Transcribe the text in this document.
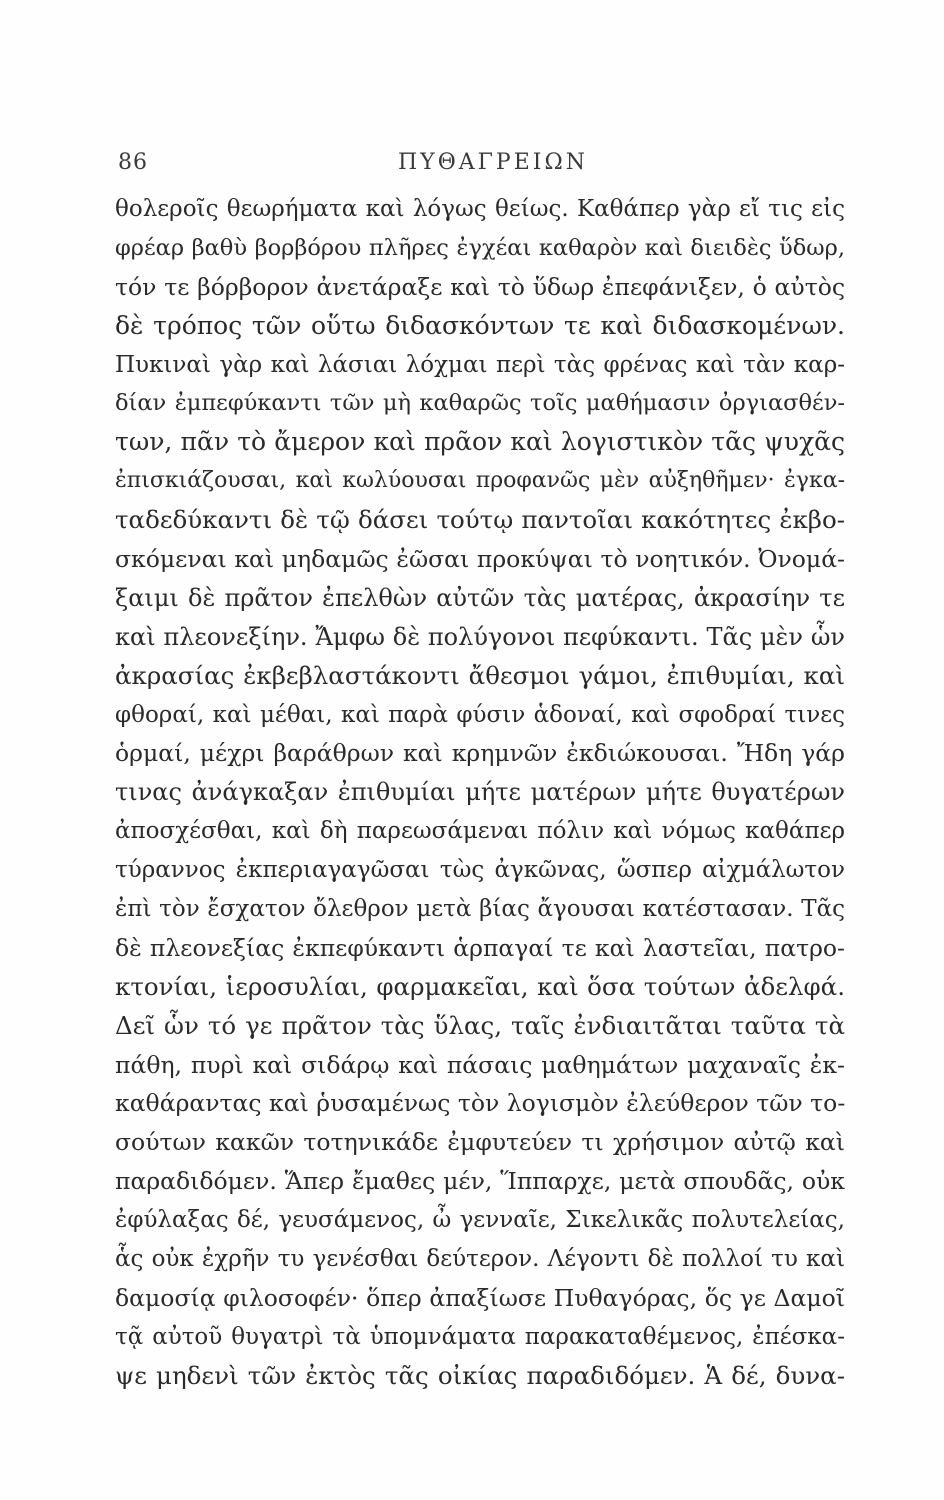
86	ΠΥΘΑΓΡΕΙΩΝ
θολεροῖς θεωρήματα καὶ λόγως θείως. Καθάπερ γὰρ εἴ τις εἰς
φρέαρ βαθὺ βορβόρου πλῆρες ἐγχέαι καθαρὸν καὶ διειδὲς ὕδωρ,
τόν τε βόρβορον ἀνετάραξε καὶ τὸ ὕδωρ ἐπεφάνιξεν, ὁ αὐτὸς
δὲ τρόπος τῶν οὕτω διδασκόντων τε καὶ διδασκομένων.
Πυκιναὶ γὰρ καὶ λάσιαι λόχμαι περὶ τὰς φρένας καὶ τὰν καρ-
δίαν ἐμπεφύκαντι τῶν μὴ καθαρῶς τοῖς μαθήμασιν ὀργιασθέν-
των, πᾶν τὸ ἄμερον καὶ πρᾶον καὶ λογιστικὸν τᾶς ψυχᾶς
ἐπισκιάζουσαι, καὶ κωλύουσαι προφανῶς μὲν αὐξηθῆμεν· ἐγκα-
ταδεδύκαντι δὲ τῷ δάσει τούτῳ παντοῖαι κακότητες ἐκβο-
σκόμεναι καὶ μηδαμῶς ἐῶσαι προκύψαι τὸ νοητικόν. Ὀνομά-
ξαιμι δὲ πρᾶτον ἐπελθὼν αὐτῶν τὰς ματέρας, ἀκρασίην τε
καὶ πλεονεξίην. Ἄμφω δὲ πολύγονοι πεφύκαντι. Τᾶς μὲν ὧν
ἀκρασίας ἐκβεβλαστάκοντι ἄθεσμοι γάμοι, ἐπιθυμίαι, καὶ
φθοραί, καὶ μέθαι, καὶ παρὰ φύσιν ἁδοναί, καὶ σφοδραί τινες
ὁρμαί, μέχρι βαράθρων καὶ κρημνῶν ἐκδιώκουσαι. Ἤδη γάρ
τινας ἀνάγκαξαν ἐπιθυμίαι μήτε ματέρων μήτε θυγατέρων
ἀποσχέσθαι, καὶ δὴ παρεωσάμεναι πόλιν καὶ νόμως καθάπερ
τύραννος ἐκπεριαγαγῶσαι τὼς ἀγκῶνας, ὥσπερ αἰχμάλωτον
ἐπὶ τὸν ἔσχατον ὄλεθρον μετὰ βίας ἄγουσαι κατέστασαν. Τᾶς
δὲ πλεονεξίας ἐκπεφύκαντι ἁρπαγαί τε καὶ λαστεῖαι, πατρο-
κτονίαι, ἱεροσυλίαι, φαρμακεῖαι, καὶ ὅσα τούτων ἀδελφά.
Δεῖ ὧν τό γε πρᾶτον τὰς ὕλας, ταῖς ἐνδιαιτᾶται ταῦτα τὰ
πάθη, πυρὶ καὶ σιδάρῳ καὶ πάσαις μαθημάτων μαχαναῖς ἐκ-
καθάραντας καὶ ῥυσαμένως τὸν λογισμὸν ἐλεύθερον τῶν το-
σούτων κακῶν τοτηνικάδε ἐμφυτεύεν τι χρήσιμον αὐτῷ καὶ
παραδιδόμεν. Ἅπερ ἔμαθες μέν, Ἵππαρχε, μετὰ σπουδᾶς, οὐκ
ἐφύλαξας δέ, γευσάμενος, ὦ γενναῖε, Σικελικᾶς πολυτελείας,
ἇς οὐκ ἐχρῆν τυ γενέσθαι δεύτερον. Λέγοντι δὲ πολλοί τυ καὶ
δαμοσίᾳ φιλοσοφέν· ὅπερ ἀπαξίωσε Πυθαγόρας, ὅς γε Δαμοῖ
τᾷ αὐτοῦ θυγατρὶ τὰ ὑπομνάματα παρακαταθέμενος, ἐπέσκα-
ψε μηδενὶ τῶν ἐκτὸς τᾶς οἰκίας παραδιδόμεν. Ἁ δέ, δυνα-
